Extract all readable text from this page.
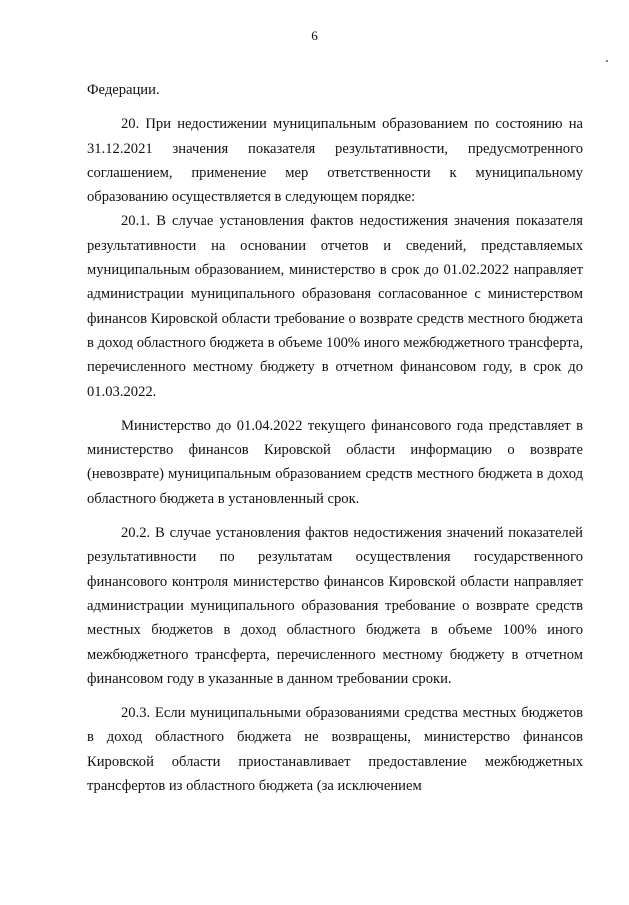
6

Федерации.

20. При недостижении муниципальным образованием по состоянию на 31.12.2021 значения показателя результативности, предусмотренного соглашением, применение мер ответственности к муниципальному образованию осуществляется в следующем порядке:

20.1. В случае установления фактов недостижения значения показателя результативности на основании отчетов и сведений, представляемых муниципальным образованием, министерство в срок до 01.02.2022 направляет администрации муниципального образованя согласованное с министерством финансов Кировской области требование о возврате средств местного бюджета в доход областного бюджета в объеме 100% иного межбюджетного трансферта, перечисленного местному бюджету в отчетном финансовом году, в срок до 01.03.2022.

Министерство до 01.04.2022 текущего финансового года представляет в министерство финансов Кировской области информацию о возврате (невозврате) муниципальным образованием средств местного бюджета в доход областного бюджета в установленный срок.

20.2. В случае установления фактов недостижения значений показателей результативности по результатам осуществления государственного финансового контроля министерство финансов Кировской области направляет администрации муниципального образования требование о возврате средств местных бюджетов в доход областного бюджета в объеме 100% иного межбюджетного трансферта, перечисленного местному бюджету в отчетном финансовом году в указанные в данном требовании сроки.

20.3. Если муниципальными образованиями средства местных бюджетов в доход областного бюджета не возвращены, министерство финансов Кировской области приостанавливает предоставление межбюджетных трансфертов из областного бюджета (за исключением
